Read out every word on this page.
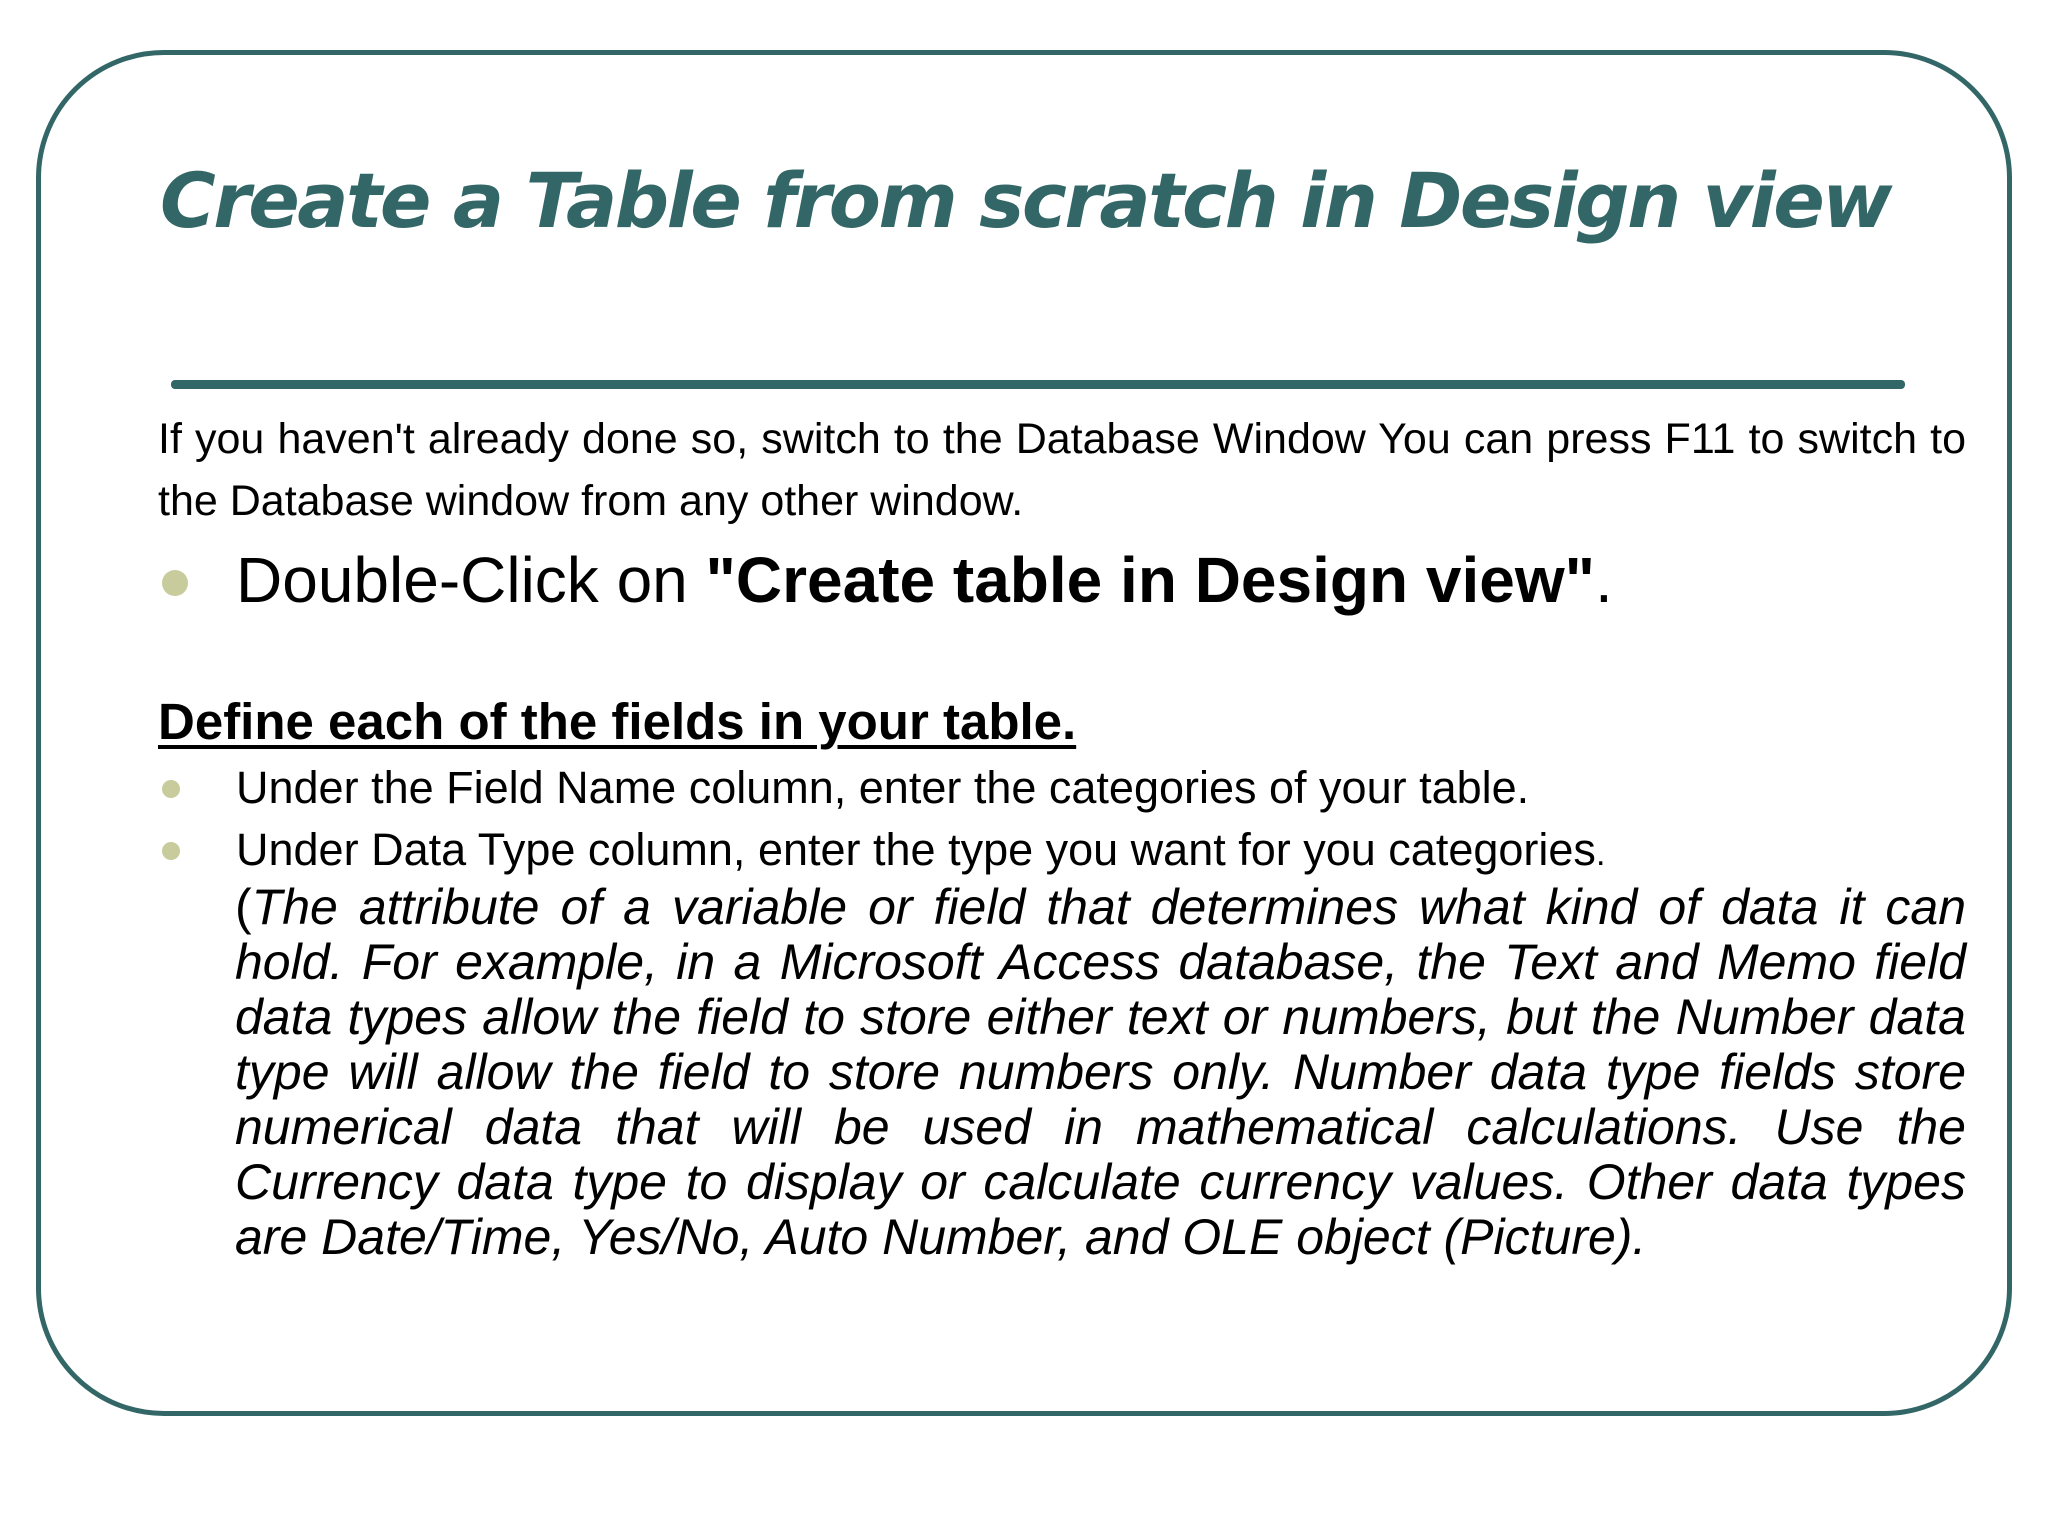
Create a Table from scratch in Design view

If you haven't already done so, switch to the Database Window You can press F11 to switch to the Database window from any other window.

Double-Click on "Create table in Design view".
Define each of the fields in your table.
Under the Field Name column, enter the categories of your table.
Under Data Type column, enter the type you want for you categories.

(The attribute of a variable or field that determines what kind of data it can hold. For example, in a Microsoft Access database, the Text and Memo field data types allow the field to store either text or numbers, but the Number data type will allow the field to store numbers only. Number data type fields store numerical data that will be used in mathematical calculations. Use the Currency data type to display or calculate currency values. Other data types are Date/Time, Yes/No, Auto Number, and OLE object (Picture).
